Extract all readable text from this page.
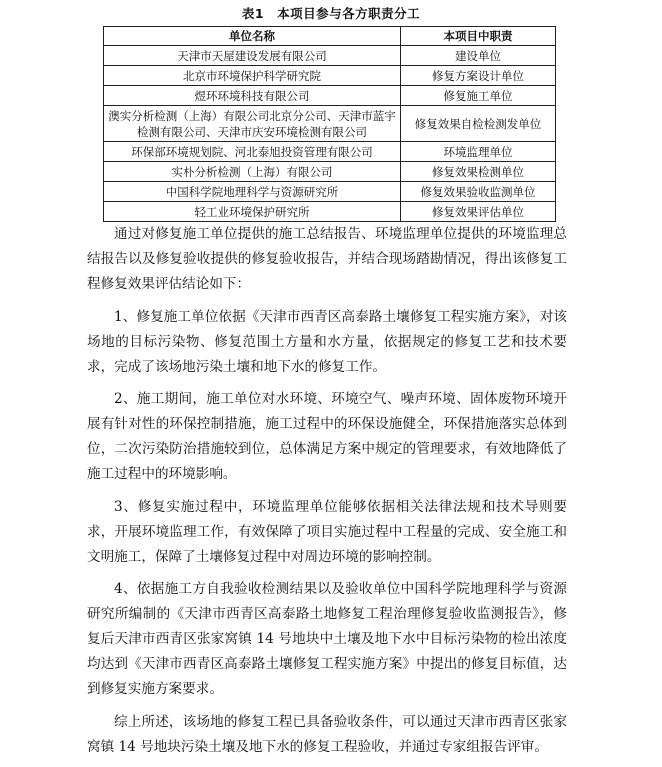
表1　本项目参与各方职责分工
单位名称	本项目中职责
天津市天屋建设发展有限公司	建设单位
北京市环境保护科学研究院	修复方案设计单位
煜环环境科技有限公司	修复施工单位
澳实分析检测（上海）有限公司北京分公司、天津市蓝宇检测有限公司、天津市庆安环境检测有限公司	修复效果自检检测发单位
环保部环境规划院、河北泰旭投资管理有限公司	环境监理单位
实朴分析检测（上海）有限公司	修复效果检测单位
中国科学院地理科学与资源研究所	修复效果验收监测单位
轻工业环境保护研究所	修复效果评估单位

通过对修复施工单位提供的施工总结报告、环境监理单位提供的环境监理总结报告以及修复验收提供的修复验收报告，并结合现场踏勘情况，得出该修复工程修复效果评估结论如下：

1、修复施工单位依据《天津市西青区高泰路土壤修复工程实施方案》，对该场地的目标污染物、修复范围土方量和水方量，依据规定的修复工艺和技术要求，完成了该场地污染土壤和地下水的修复工作。

2、施工期间，施工单位对水环境、环境空气、噪声环境、固体废物环境开展有针对性的环保控制措施，施工过程中的环保设施健全，环保措施落实总体到位，二次污染防治措施较到位，总体满足方案中规定的管理要求，有效地降低了施工过程中的环境影响。

3、修复实施过程中，环境监理单位能够依据相关法律法规和技术导则要求，开展环境监理工作，有效保障了项目实施过程中工程量的完成、安全施工和文明施工，保障了土壤修复过程中对周边环境的影响控制。

4、依据施工方自我验收检测结果以及验收单位中国科学院地理科学与资源研究所编制的《天津市西青区高泰路土地修复工程治理修复验收监测报告》，修复后天津市西青区张家窝镇 14 号地块中土壤及地下水中目标污染物的检出浓度均达到《天津市西青区高泰路土壤修复工程实施方案》中提出的修复目标值，达到修复实施方案要求。

综上所述，该场地的修复工程已具备验收条件，可以通过天津市西青区张家窝镇 14 号地块污染土壤及地下水的修复工程验收，并通过专家组报告评审。
